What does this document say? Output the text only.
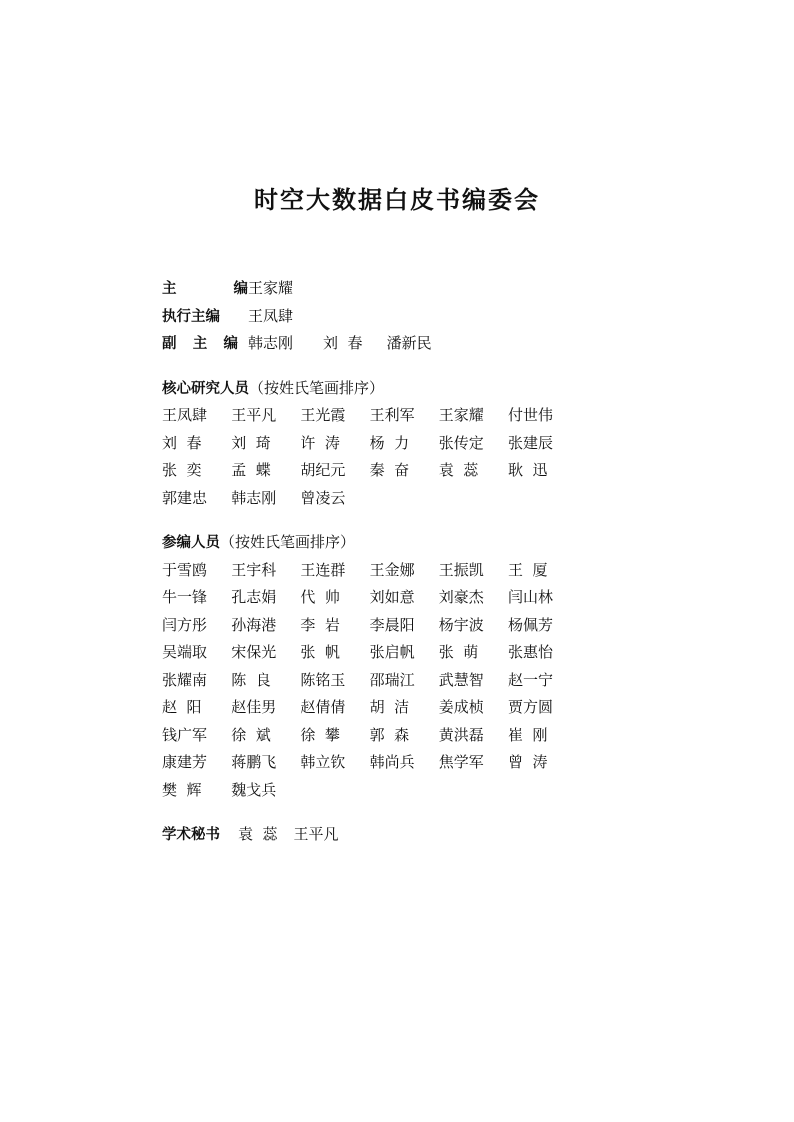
时空大数据白皮书编委会
主	编 王家耀
执行主编 王凤肆
副 主 编 韩志刚 刘  春 潘新民
核心研究人员 （按姓氏笔画排序）
王凤肆	王平凡	王光霞	王利军	王家耀	付世伟
刘  春	刘  琦	许  涛	杨  力	张传定	张建辰
张  奕	孟  蝶	胡纪元	秦  奋	袁  蕊	耿  迅
郭建忠	韩志刚	曾凌云
参编人员 （按姓氏笔画排序）
于雪鸥	王宇科	王连群	王金娜	王振凯	王  厦
牛一锋	孔志娟	代  帅	刘如意	刘豪杰	闫山林
闫方彤	孙海港	李  岩	李晨阳	杨宇波	杨佩芳
吴端取	宋保光	张  帆	张启帆	张  萌	张惠怡
张耀南	陈  良	陈铭玉	邵瑞江	武慧智	赵一宁
赵  阳	赵佳男	赵倩倩	胡  洁	姜成桢	贾方圆
钱广军	徐  斌	徐  攀	郭  森	黄洪磊	崔  刚
康建芳	蒋鹏飞	韩立钦	韩尚兵	焦学军	曾  涛
樊  辉	魏戈兵
学术秘书 袁  蕊 王平凡
